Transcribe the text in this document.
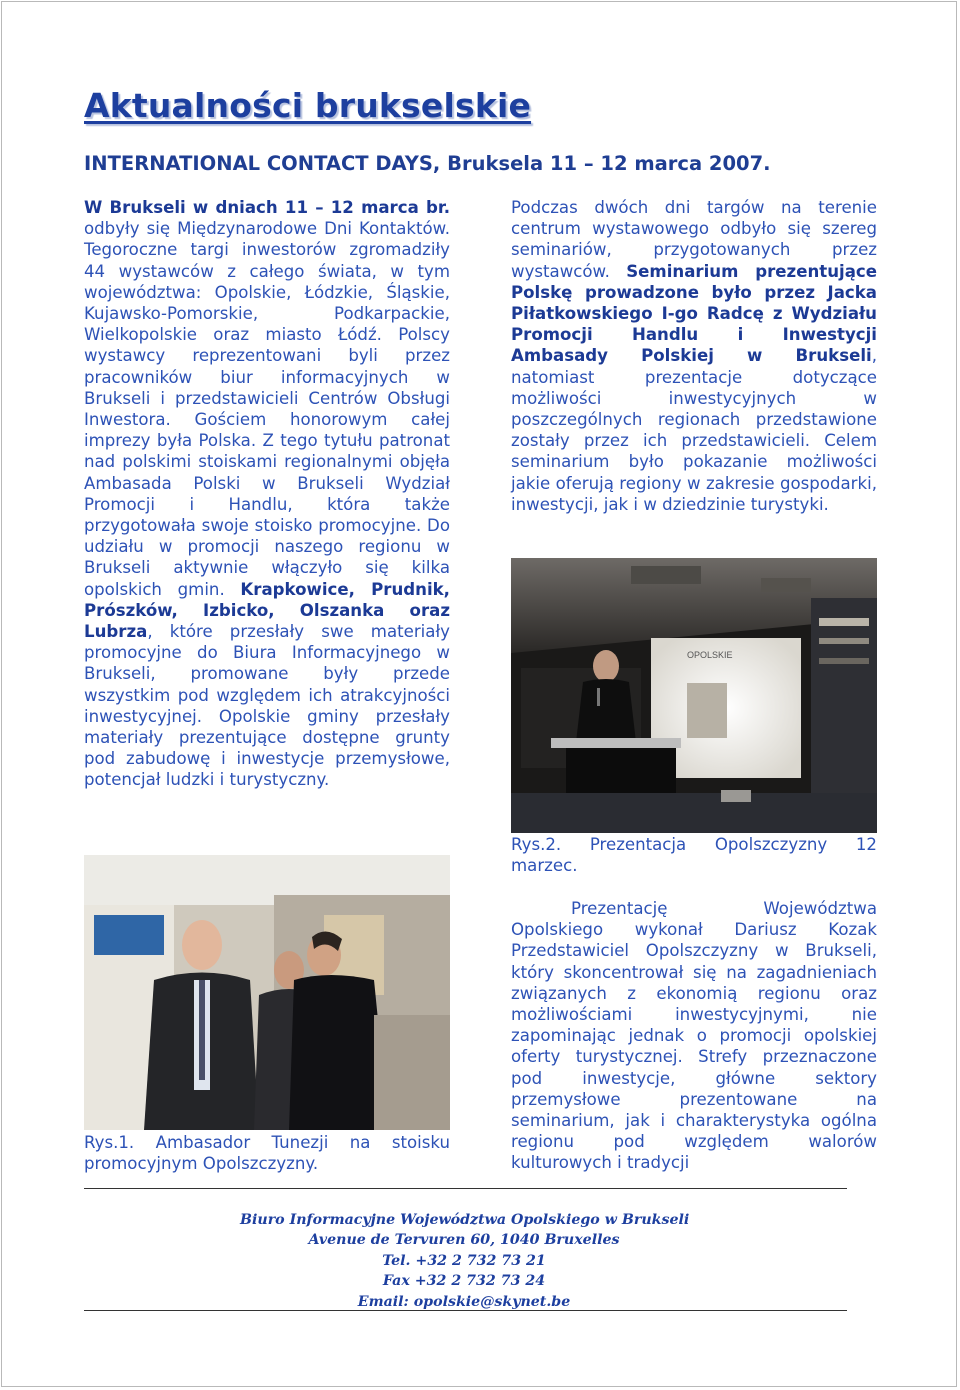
Aktualności brukselskie
INTERNATIONAL CONTACT DAYS, Bruksela 11 – 12 marca 2007.

W Brukseli w dniach 11 – 12 marca br. odbyły się Międzynarodowe Dni Kontaktów. Tegoroczne targi inwestorów zgromadziły 44 wystawców z całego świata, w tym województwa: Opolskie, Łódzkie, Śląskie, Kujawsko-Pomorskie, Podkarpackie, Wielkopolskie oraz miasto Łódź. Polscy wystawcy reprezentowani byli przez pracowników biur informacyjnych w Brukseli i przedstawicieli Centrów Obsługi Inwestora. Gościem honorowym całej imprezy była Polska. Z tego tytułu patronat nad polskimi stoiskami regionalnymi objęła Ambasada Polski w Brukseli Wydział Promocji i Handlu, która także przygotowała swoje stoisko promocyjne. Do udziału w promocji naszego regionu w Brukseli aktywnie włączyło się kilka opolskich gmin. Krapkowice, Prudnik, Prószków, Izbicko, Olszanka oraz Lubrza, które przesłały swe materiały promocyjne do Biura Informacyjnego w Brukseli, promowane były przede wszystkim pod względem ich atrakcyjności inwestycyjnej. Opolskie gminy przesłały materiały prezentujące dostępne grunty pod zabudowę i inwestycje przemysłowe, potencjał ludzki i turystyczny.

Podczas dwóch dni targów na terenie centrum wystawowego odbyło się szereg seminariów, przygotowanych przez wystawców. Seminarium prezentujące Polskę prowadzone było przez Jacka Piłatkowskiego I-go Radcę z Wydziału Promocji Handlu i Inwestycji Ambasady Polskiej w Brukseli, natomiast prezentacje dotyczące możliwości inwestycyjnych w poszczególnych regionach przedstawione zostały przez ich przedstawicieli. Celem seminarium było pokazanie możliwości jakie oferują regiony w zakresie gospodarki, inwestycji, jak i w dziedzinie turystyki.

OPOLSKIE
Rys.2. Prezentacja Opolszczyzny 12 marzec.
Prezentację Województwa Opolskiego wykonał Dariusz Kozak Przedstawiciel Opolszczyzny w Brukseli, który skoncentrował się na zagadnieniach związanych z ekonomią regionu oraz możliwościami inwestycyjnymi, nie zapominając jednak o promocji opolskiej oferty turystycznej. Strefy przeznaczone pod inwestycje, główne sektory przemysłowe prezentowane na seminarium, jak i charakterystyka ogólna regionu pod względem walorów kulturowych i tradycji
Rys.1. Ambasador Tunezji na stoisku promocyjnym Opolszczyzny.
Biuro Informacyjne Województwa Opolskiego w Brukseli
Avenue de Tervuren 60, 1040 Bruxelles
Tel. +32 2 732 73 21
Fax +32 2 732 73 24
Email: opolskie@skynet.be
